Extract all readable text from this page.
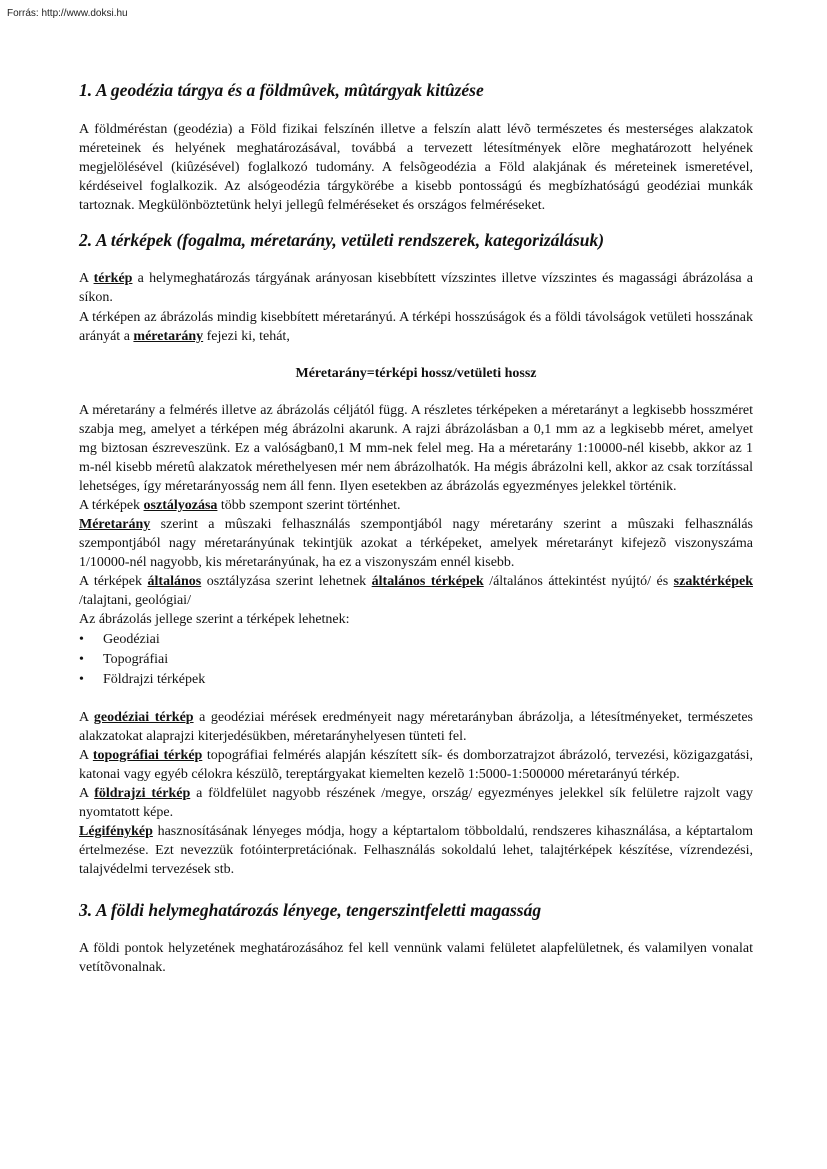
Forrás: http://www.doksi.hu
1. A geodézia tárgya és a földmûvek, mûtárgyak kitûzése

A földméréstan (geodézia) a Föld fizikai felszínén illetve a felszín alatt lévõ természetes és mesterséges alakzatok méreteinek és helyének meghatározásával, továbbá a tervezett létesítmények elõre meghatározott helyének megjelölésével (kiûzésével) foglalkozó tudomány. A felsõgeodézia a Föld alakjának és méreteinek ismeretével, kérdéseivel foglalkozik. Az alsógeodézia tárgykörébe a kisebb pontosságú és megbízhatóságú geodéziai munkák tartoznak. Megkülönböztetünk helyi jellegû felméréseket és országos felméréseket.

2. A térképek (fogalma, méretarány, vetületi rendszerek, kategorizálásuk)

A térkép a helymeghatározás tárgyának arányosan kisebbített vízszintes illetve vízszintes és magassági ábrázolása a síkon.

A térképen az ábrázolás mindig kisebbített méretarányú. A térképi hosszúságok és a földi távolságok vetületi hosszának arányát a méretarány fejezi ki, tehát,

Méretarány=térképi hossz/vetületi hossz

A méretarány a felmérés illetve az ábrázolás céljától függ. A részletes térképeken a méretarányt a legkisebb hosszméret szabja meg, amelyet a térképen még ábrázolni akarunk. A rajzi ábrázolásban a 0,1 mm az a legkisebb méret, amelyet mg biztosan észreveszünk. Ez a valóságban0,1 M mm-nek felel meg. Ha a méretarány 1:10000-nél kisebb, akkor az 1 m-nél kisebb méretû alakzatok mérethelyesen mér nem ábrázolhatók. Ha mégis ábrázolni kell, akkor az csak torzítással lehetséges, így méretarányosság nem áll fenn. Ilyen esetekben az ábrázolás egyezményes jelekkel történik.

A térképek osztályozása több szempont szerint történhet.

Méretarány szerint a mûszaki felhasználás szempontjából nagy méretarány szerint a mûszaki felhasználás szempontjából nagy méretarányúnak tekintjük azokat a térképeket, amelyek méretarányt kifejezõ viszonyszáma 1/10000-nél nagyobb, kis méretarányúnak, ha ez a viszonyszám ennél kisebb.

A térképek általános osztályzása szerint lehetnek általános térképek /általános áttekintést nyújtó/ és szaktérképek /talajtani, geológiai/

Az ábrázolás jellege szerint a térképek lehetnek:

• Geodéziai
• Topográfiai
• Földrajzi térképek

A geodéziai térkép a geodéziai mérések eredményeit nagy méretarányban ábrázolja, a létesítményeket, természetes alakzatokat alaprajzi kiterjedésükben, méretarányhelyesen tünteti fel.

A topográfiai térkép topográfiai felmérés alapján készített sík- és domborzatrajzot ábrázoló, tervezési, közigazgatási, katonai vagy egyéb célokra készülõ, tereptárgyakat kiemelten kezelõ 1:5000-1:500000 méretarányú térkép.

A földrajzi térkép a földfelület nagyobb részének /megye, ország/ egyezményes jelekkel sík felületre rajzolt vagy nyomtatott képe.

Légifénykép hasznosításának lényeges módja, hogy a képtartalom többoldalú, rendszeres kihasználása, a képtartalom értelmezése. Ezt nevezzük fotóinterpretációnak. Felhasználás sokoldalú lehet, talajtérképek készítése, vízrendezési, talajvédelmi tervezések stb.

3. A földi helymeghatározás lényege, tengerszintfeletti magasság

A földi pontok helyzetének meghatározásához fel kell vennünk valami felületet alapfelületnek, és valamilyen vonalat vetítõvonalnak.
